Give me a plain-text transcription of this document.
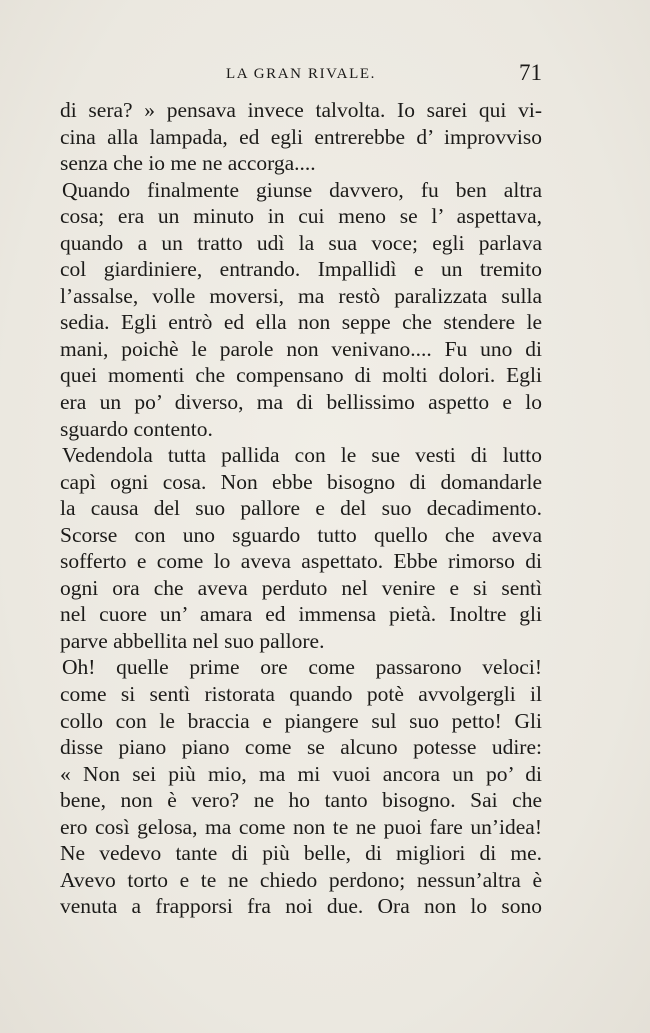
LA GRAN RIVALE.	71
di sera? » pensava invece talvolta. Io sarei qui vi-
cina alla lampada, ed egli entrerebbe d’ improvviso
senza che io me ne accorga....
Quando finalmente giunse davvero, fu ben altra
cosa; era un minuto in cui meno se l’ aspettava,
quando a un tratto udì la sua voce; egli parlava
col giardiniere, entrando. Impallidì e un tremito
l’assalse, volle moversi, ma restò paralizzata sulla
sedia. Egli entrò ed ella non seppe che stendere le
mani, poichè le parole non venivano.... Fu uno di
quei momenti che compensano di molti dolori. Egli
era un po’ diverso, ma di bellissimo aspetto e lo
sguardo contento.
Vedendola tutta pallida con le sue vesti di lutto
capì ogni cosa. Non ebbe bisogno di domandarle
la causa del suo pallore e del suo decadimento.
Scorse con uno sguardo tutto quello che aveva
sofferto e come lo aveva aspettato. Ebbe rimorso di
ogni ora che aveva perduto nel venire e si sentì
nel cuore un’ amara ed immensa pietà. Inoltre gli
parve abbellita nel suo pallore.
Oh! quelle prime ore come passarono veloci!
come si sentì ristorata quando potè avvolgergli il
collo con le braccia e piangere sul suo petto! Gli
disse piano piano come se alcuno potesse udire:
« Non sei più mio, ma mi vuoi ancora un po’ di
bene, non è vero? ne ho tanto bisogno. Sai che
ero così gelosa, ma come non te ne puoi fare un’idea!
Ne vedevo tante di più belle, di migliori di me.
Avevo torto e te ne chiedo perdono; nessun’altra è
venuta a frapporsi fra noi due. Ora non lo sono
